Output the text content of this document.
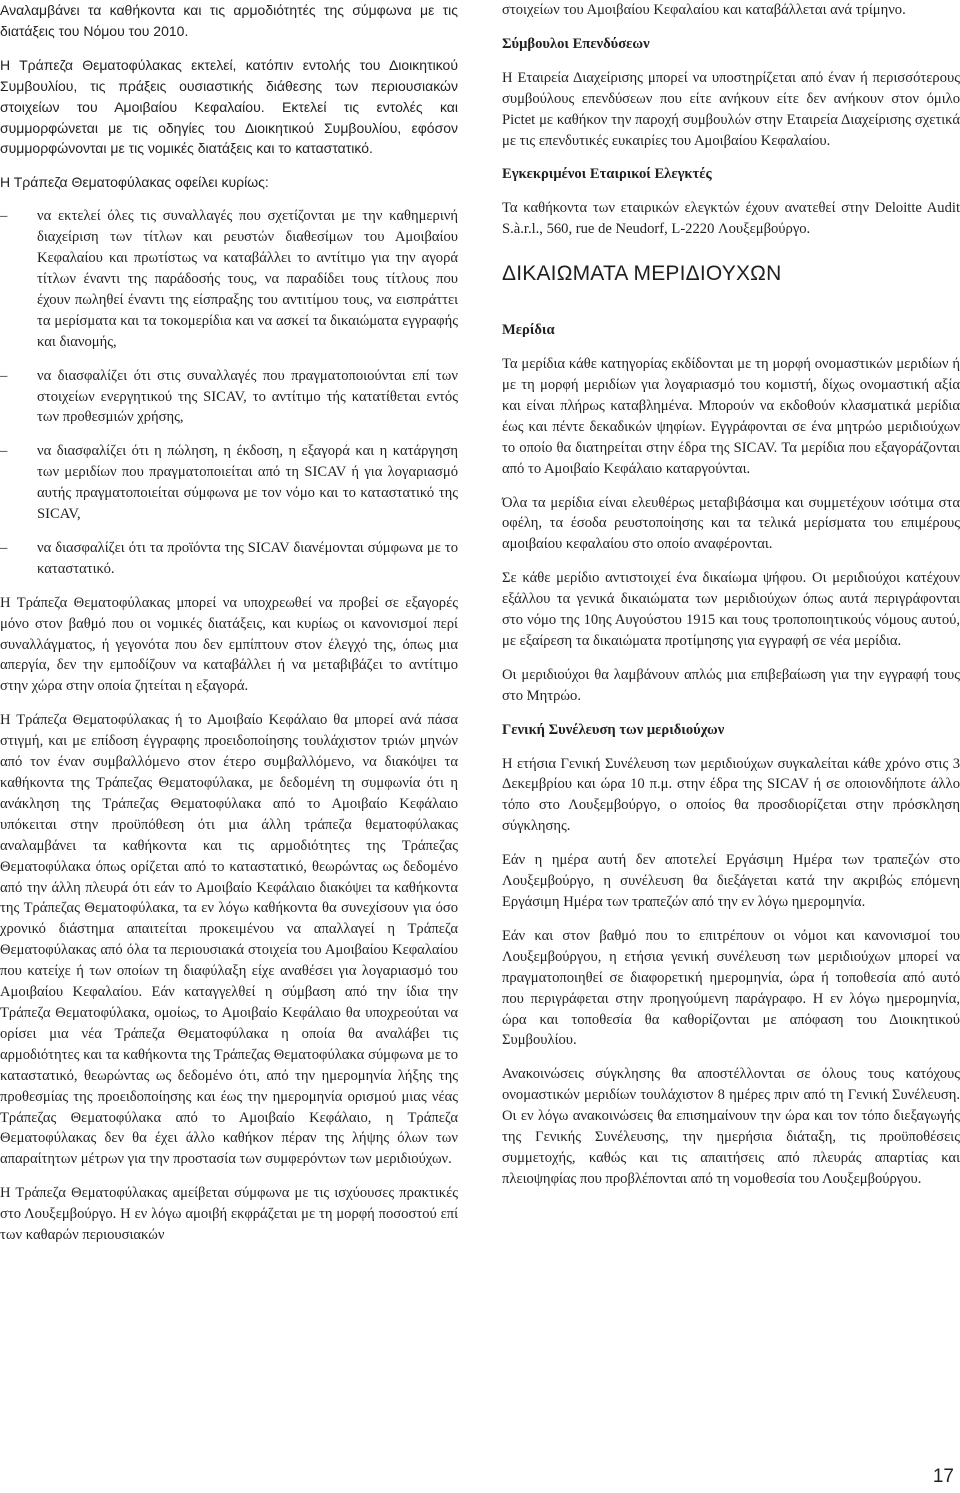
Αναλαμβάνει τα καθήκοντα και τις αρμοδιότητές της σύμφωνα με τις διατάξεις του Νόμου του 2010.

Η Τράπεζα Θεματοφύλακας εκτελεί, κατόπιν εντολής του Διοικητικού Συμβουλίου, τις πράξεις ουσιαστικής διάθεσης των περιουσιακών στοιχείων του Αμοιβαίου Κεφαλαίου. Εκτελεί τις εντολές και συμμορφώνεται με τις οδηγίες του Διοικητικού Συμβουλίου, εφόσον συμμορφώνονται με τις νομικές διατάξεις και το καταστατικό.

Η Τράπεζα Θεματοφύλακας οφείλει κυρίως:

– να εκτελεί όλες τις συναλλαγές που σχετίζονται με την καθημερινή διαχείριση των τίτλων και ρευστών διαθεσίμων του Αμοιβαίου Κεφαλαίου και πρωτίστως να καταβάλλει το αντίτιμο για την αγορά τίτλων έναντι της παράδοσής τους, να παραδίδει τους τίτλους που έχουν πωληθεί έναντι της είσπραξης του αντιτίμου τους, να εισπράττει τα μερίσματα και τα τοκομερίδια και να ασκεί τα δικαιώματα εγγραφής και διανομής,
– να διασφαλίζει ότι στις συναλλαγές που πραγματοποιούνται επί των στοιχείων ενεργητικού της SICAV, το αντίτιμο τής κατατίθεται εντός των προθεσμιών χρήσης,
– να διασφαλίζει ότι η πώληση, η έκδοση, η εξαγορά και η κατάργηση των μεριδίων που πραγματοποιείται από τη SICAV ή για λογαριασμό αυτής πραγματοποιείται σύμφωνα με τον νόμο και το καταστατικό της SICAV,
– να διασφαλίζει ότι τα προϊόντα της SICAV διανέμονται σύμφωνα με το καταστατικό.

Η Τράπεζα Θεματοφύλακας μπορεί να υποχρεωθεί να προβεί σε εξαγορές μόνο στον βαθμό που οι νομικές διατάξεις, και κυρίως οι κανονισμοί περί συναλλάγματος, ή γεγονότα που δεν εμπίπτουν στον έλεγχό της, όπως μια απεργία, δεν την εμποδίζουν να καταβάλλει ή να μεταβιβάζει το αντίτιμο στην χώρα στην οποία ζητείται η εξαγορά.

Η Τράπεζα Θεματοφύλακας ή το Αμοιβαίο Κεφάλαιο θα μπορεί ανά πάσα στιγμή, και με επίδοση έγγραφης προειδοποίησης τουλάχιστον τριών μηνών από τον έναν συμβαλλόμενο στον έτερο συμβαλλόμενο, να διακόψει τα καθήκοντα της Τράπεζας Θεματοφύλακα, με δεδομένη τη συμφωνία ότι η ανάκληση της Τράπεζας Θεματοφύλακα από το Αμοιβαίο Κεφάλαιο υπόκειται στην προϋπόθεση ότι μια άλλη τράπεζα θεματοφύλακας αναλαμβάνει τα καθήκοντα και τις αρμοδιότητες της Τράπεζας Θεματοφύλακα όπως ορίζεται από το καταστατικό, θεωρώντας ως δεδομένο από την άλλη πλευρά ότι εάν το Αμοιβαίο Κεφάλαιο διακόψει τα καθήκοντα της Τράπεζας Θεματοφύλακα, τα εν λόγω καθήκοντα θα συνεχίσουν για όσο χρονικό διάστημα απαιτείται προκειμένου να απαλλαγεί η Τράπεζα Θεματοφύλακας από όλα τα περιουσιακά στοιχεία του Αμοιβαίου Κεφαλαίου που κατείχε ή των οποίων τη διαφύλαξη είχε αναθέσει για λογαριασμό του Αμοιβαίου Κεφαλαίου. Εάν καταγγελθεί η σύμβαση από την ίδια την Τράπεζα Θεματοφύλακα, ομοίως, το Αμοιβαίο Κεφάλαιο θα υποχρεούται να ορίσει μια νέα Τράπεζα Θεματοφύλακα η οποία θα αναλάβει τις αρμοδιότητες και τα καθήκοντα της Τράπεζας Θεματοφύλακα σύμφωνα με το καταστατικό, θεωρώντας ως δεδομένο ότι, από την ημερομηνία λήξης της προθεσμίας της προειδοποίησης και έως την ημερομηνία ορισμού μιας νέας Τράπεζας Θεματοφύλακα από το Αμοιβαίο Κεφάλαιο, η Τράπεζα Θεματοφύλακας δεν θα έχει άλλο καθήκον πέραν της λήψης όλων των απαραίτητων μέτρων για την προστασία των συμφερόντων των μεριδιούχων.

Η Τράπεζα Θεματοφύλακας αμείβεται σύμφωνα με τις ισχύουσες πρακτικές στο Λουξεμβούργο. Η εν λόγω αμοιβή εκφράζεται με τη μορφή ποσοστού επί των καθαρών περιουσιακών

στοιχείων του Αμοιβαίου Κεφαλαίου και καταβάλλεται ανά τρίμηνο.

Σύμβουλοι Επενδύσεων

Η Εταιρεία Διαχείρισης μπορεί να υποστηρίζεται από έναν ή περισσότερους συμβούλους επενδύσεων που είτε ανήκουν είτε δεν ανήκουν στον όμιλο Pictet με καθήκον την παροχή συμβουλών στην Εταιρεία Διαχείρισης σχετικά με τις επενδυτικές ευκαιρίες του Αμοιβαίου Κεφαλαίου.

Εγκεκριμένοι Εταιρικοί Ελεγκτές

Τα καθήκοντα των εταιρικών ελεγκτών έχουν ανατεθεί στην Deloitte Audit S.à.r.l., 560, rue de Neudorf, L-2220 Λουξεμβούργο.

ΔΙΚΑΙΩΜΑΤΑ ΜΕΡΙΔΙΟΥΧΩΝ

Μερίδια

Τα μερίδια κάθε κατηγορίας εκδίδονται με τη μορφή ονομαστικών μεριδίων ή με τη μορφή μεριδίων για λογαριασμό του κομιστή, δίχως ονομαστική αξία και είναι πλήρως καταβλημένα. Μπορούν να εκδοθούν κλασματικά μερίδια έως και πέντε δεκαδικών ψηφίων. Εγγράφονται σε ένα μητρώο μεριδιούχων το οποίο θα διατηρείται στην έδρα της SICAV. Τα μερίδια που εξαγοράζονται από το Αμοιβαίο Κεφάλαιο καταργούνται.

Όλα τα μερίδια είναι ελευθέρως μεταβιβάσιμα και συμμετέχουν ισότιμα στα οφέλη, τα έσοδα ρευστοποίησης και τα τελικά μερίσματα του επιμέρους αμοιβαίου κεφαλαίου στο οποίο αναφέρονται.

Σε κάθε μερίδιο αντιστοιχεί ένα δικαίωμα ψήφου. Οι μεριδιούχοι κατέχουν εξάλλου τα γενικά δικαιώματα των μεριδιούχων όπως αυτά περιγράφονται στο νόμο της 10ης Αυγούστου 1915 και τους τροποποιητικούς νόμους αυτού, με εξαίρεση τα δικαιώματα προτίμησης για εγγραφή σε νέα μερίδια.

Οι μεριδιούχοι θα λαμβάνουν απλώς μια επιβεβαίωση για την εγγραφή τους στο Μητρώο.

Γενική Συνέλευση των μεριδιούχων

Η ετήσια Γενική Συνέλευση των μεριδιούχων συγκαλείται κάθε χρόνο στις 3 Δεκεμβρίου και ώρα 10 π.μ. στην έδρα της SICAV ή σε οποιονδήποτε άλλο τόπο στο Λουξεμβούργο, ο οποίος θα προσδιορίζεται στην πρόσκληση σύγκλησης.

Εάν η ημέρα αυτή δεν αποτελεί Εργάσιμη Ημέρα των τραπεζών στο Λουξεμβούργο, η συνέλευση θα διεξάγεται κατά την ακριβώς επόμενη Εργάσιμη Ημέρα των τραπεζών από την εν λόγω ημερομηνία.

Εάν και στον βαθμό που το επιτρέπουν οι νόμοι και κανονισμοί του Λουξεμβούργου, η ετήσια γενική συνέλευση των μεριδιούχων μπορεί να πραγματοποιηθεί σε διαφορετική ημερομηνία, ώρα ή τοποθεσία από αυτό που περιγράφεται στην προηγούμενη παράγραφο. Η εν λόγω ημερομηνία, ώρα και τοποθεσία θα καθορίζονται με απόφαση του Διοικητικού Συμβουλίου.

Ανακοινώσεις σύγκλησης θα αποστέλλονται σε όλους τους κατόχους ονομαστικών μεριδίων τουλάχιστον 8 ημέρες πριν από τη Γενική Συνέλευση. Οι εν λόγω ανακοινώσεις θα επισημαίνουν την ώρα και τον τόπο διεξαγωγής της Γενικής Συνέλευσης, την ημερήσια διάταξη, τις προϋποθέσεις συμμετοχής, καθώς και τις απαιτήσεις από πλευράς απαρτίας και πλειοψηφίας που προβλέπονται από τη νομοθεσία του Λουξεμβούργου.

17
